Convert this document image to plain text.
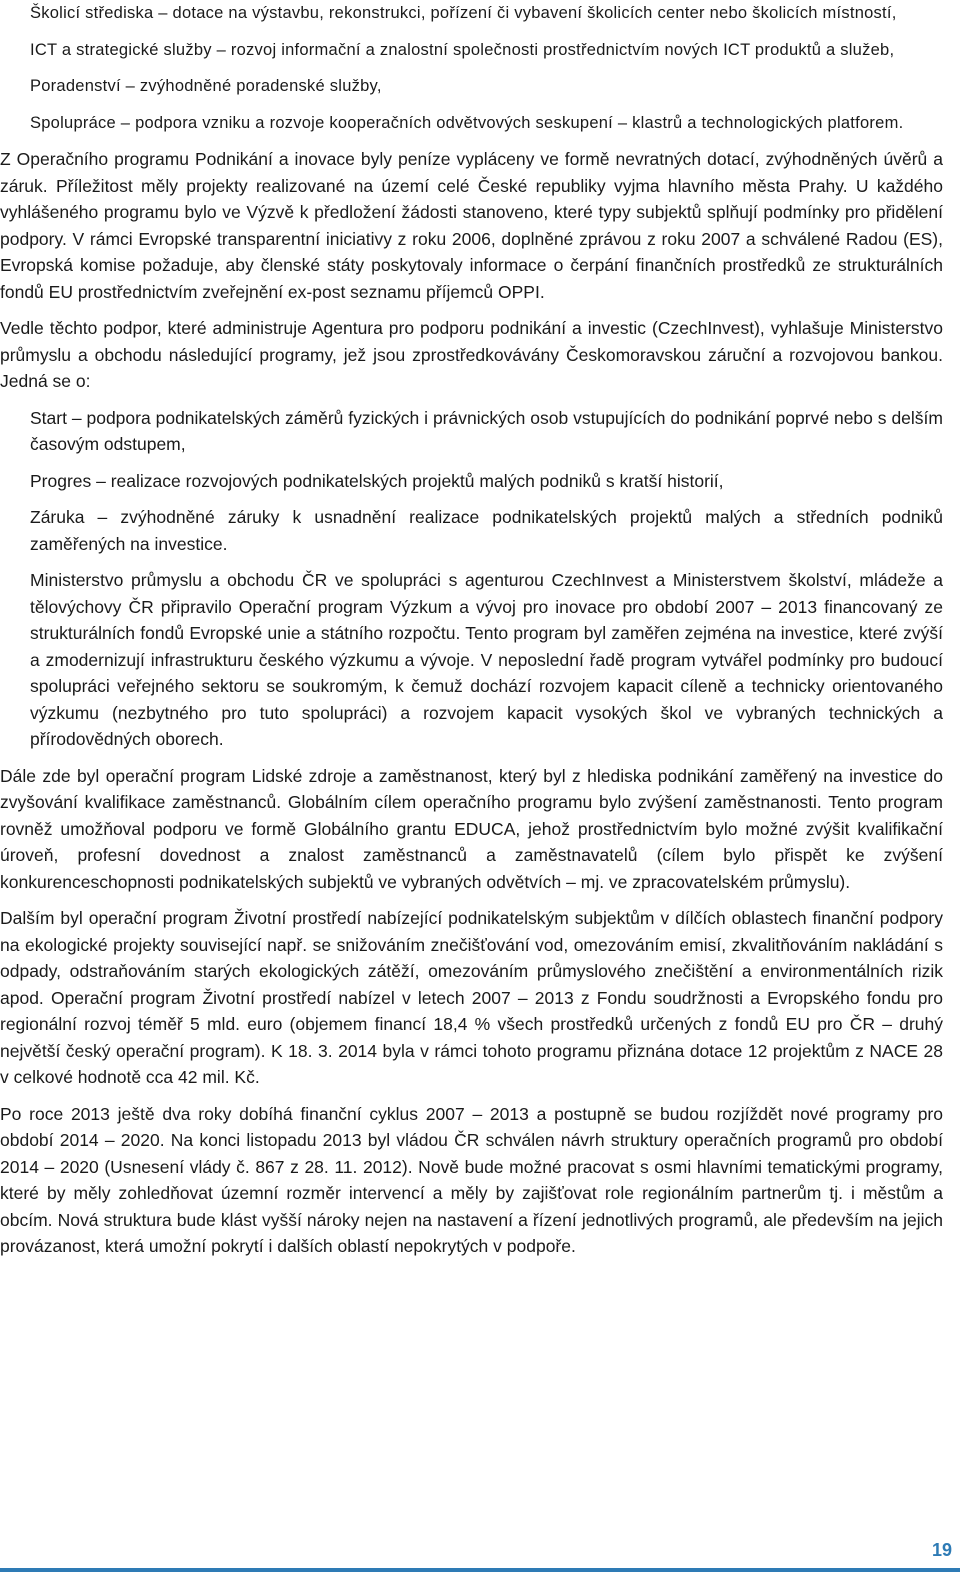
Školicí střediska – dotace na výstavbu, rekonstrukci, pořízení či vybavení školicích center nebo školicích místností,

ICT a strategické služby – rozvoj informační a znalostní společnosti prostřednictvím nových ICT produktů a služeb,

Poradenství – zvýhodněné poradenské služby,

Spolupráce – podpora vzniku a rozvoje kooperačních odvětvových seskupení – klastrů a technologických platforem.

Z Operačního programu Podnikání a inovace byly peníze vypláceny ve formě nevratných dotací, zvýhodněných úvěrů a záruk. Příležitost měly projekty realizované na území celé České republiky vyjma hlavního města Prahy. U každého vyhlášeného programu bylo ve Výzvě k předložení žádosti stanoveno, které typy subjektů splňují podmínky pro přidělení podpory. V rámci Evropské transparentní iniciativy z roku 2006, doplněné zprávou z roku 2007 a schválené Radou (ES), Evropská komise požaduje, aby členské státy poskytovaly informace o čerpání finančních prostředků ze strukturálních fondů EU prostřednictvím zveřejnění ex-post seznamu příjemců OPPI.

Vedle těchto podpor, které administruje Agentura pro podporu podnikání a investic (CzechInvest), vyhlašuje Ministerstvo průmyslu a obchodu následující programy, jež jsou zprostředkovávány Českomoravskou záruční a rozvojovou bankou. Jedná se o:

Start – podpora podnikatelských záměrů fyzických i právnických osob vstupujících do podnikání poprvé nebo s delším časovým odstupem,

Progres – realizace rozvojových podnikatelských projektů malých podniků s kratší historií,

Záruka – zvýhodněné záruky k usnadnění realizace podnikatelských projektů malých a středních podniků zaměřených na investice.

Ministerstvo průmyslu a obchodu ČR ve spolupráci s agenturou CzechInvest a Ministerstvem školství, mládeže a tělovýchovy ČR připravilo Operační program Výzkum a vývoj pro inovace pro období 2007 – 2013 financovaný ze strukturálních fondů Evropské unie a státního rozpočtu. Tento program byl zaměřen zejména na investice, které zvýší a zmodernizují infrastrukturu českého výzkumu a vývoje. V neposlední řadě program vytvářel podmínky pro budoucí spolupráci veřejného sektoru se soukromým, k čemuž dochází rozvojem kapacit cíleně a technicky orientovaného výzkumu (nezbytného pro tuto spolupráci) a rozvojem kapacit vysokých škol ve vybraných technických a přírodovědných oborech.

Dále zde byl operační program Lidské zdroje a zaměstnanost, který byl z hlediska podnikání zaměřený na investice do zvyšování kvalifikace zaměstnanců. Globálním cílem operačního programu bylo zvýšení zaměstnanosti. Tento program rovněž umožňoval podporu ve formě Globálního grantu EDUCA, jehož prostřednictvím bylo možné zvýšit kvalifikační úroveň, profesní dovednost a znalost zaměstnanců a zaměstnavatelů (cílem bylo přispět ke zvýšení konkurenceschopnosti podnikatelských subjektů ve vybraných odvětvích – mj. ve zpracovatelském průmyslu).

Dalším byl operační program Životní prostředí nabízející podnikatelským subjektům v dílčích oblastech finanční podpory na ekologické projekty související např. se snižováním znečišťování vod, omezováním emisí, zkvalitňováním nakládání s odpady, odstraňováním starých ekologických zátěží, omezováním průmyslového znečištění a environmentálních rizik apod. Operační program Životní prostředí nabízel v letech 2007 – 2013 z Fondu soudržnosti a Evropského fondu pro regionální rozvoj téměř 5 mld. euro (objemem financí 18,4 % všech prostředků určených z fondů EU pro ČR – druhý největší český operační program). K 18. 3. 2014 byla v rámci tohoto programu přiznána dotace 12 projektům z NACE 28 v celkové hodnotě cca 42 mil. Kč.

Po roce 2013 ještě dva roky dobíhá finanční cyklus 2007 – 2013 a postupně se budou rozjíždět nové programy pro období 2014 – 2020. Na konci listopadu 2013 byl vládou ČR schválen návrh struktury operačních programů pro období 2014 – 2020 (Usnesení vlády č. 867 z 28. 11. 2012). Nově bude možné pracovat s osmi hlavními tematickými programy, které by měly zohledňovat územní rozměr intervencí a měly by zajišťovat role regionálním partnerům tj. i městům a obcím. Nová struktura bude klást vyšší nároky nejen na nastavení a řízení jednotlivých programů, ale především na jejich provázanost, která umožní pokrytí i dalších oblastí nepokrytých v podpoře.

19
